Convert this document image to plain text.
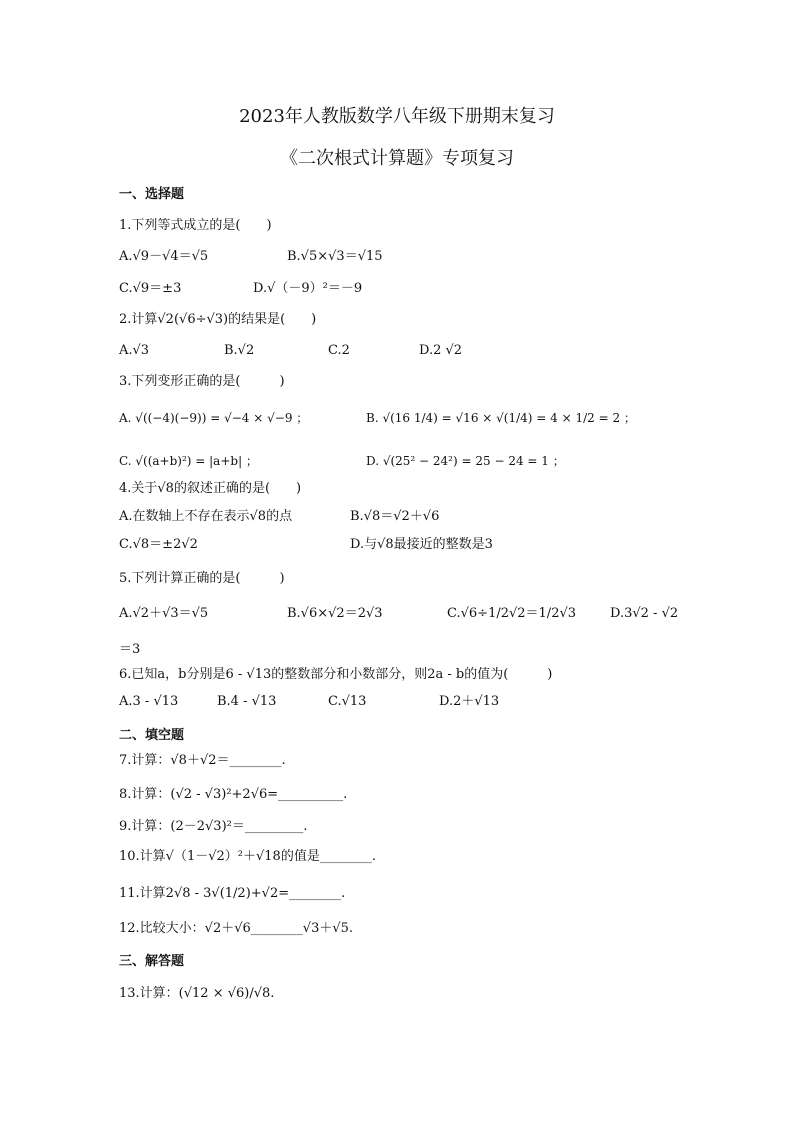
2023年人教版数学八年级下册期末复习
《二次根式计算题》专项复习
一、选择题
1.下列等式成立的是(　　)
A.√9－√4＝√5	B.√5×√3＝√15
C.√9＝±3	D.√（－9）²＝－9
2.计算√2(√6÷√3)的结果是(　　)
A.√3	B.√2	C.2	D.2 √2
3.下列变形正确的是(　　　)
A. √((−4)(−9)) = √−4 × √−9 ；	B. √(16 1/4) = √16 × √(1/4) = 4 × 1/2 = 2 ；
C. √((a+b)²) = |a+b| ；	D. √(25² − 24²) = 25 − 24 = 1 ；
4.关于√8的叙述正确的是(　　)
A.在数轴上不存在表示√8的点	B.√8＝√2＋√6
C.√8＝±2√2	D.与√8最接近的整数是3
5.下列计算正确的是(　　　)
A.√2＋√3＝√5	B.√6×√2＝2√3	C.√6÷1/2√2＝1/2√3	D.3√2 - √2
＝3
6.已知a，b分别是6 - √13的整数部分和小数部分，则2a - b的值为(　　　)
A.3 - √13	B.4 - √13	C.√13	D.2＋√13
二、填空题
7.计算：√8＋√2＝________.
8.计算：(√2 - √3)²+2√6=__________.
9.计算：(2－2√3)²＝_________.
10.计算√（1－√2）²＋√18的值是________.
11.计算2√8 - 3√(1/2)+√2=________.
12.比较大小：√2＋√6________√3＋√5.
三、解答题
13.计算：(√12 × √6)/√8.
